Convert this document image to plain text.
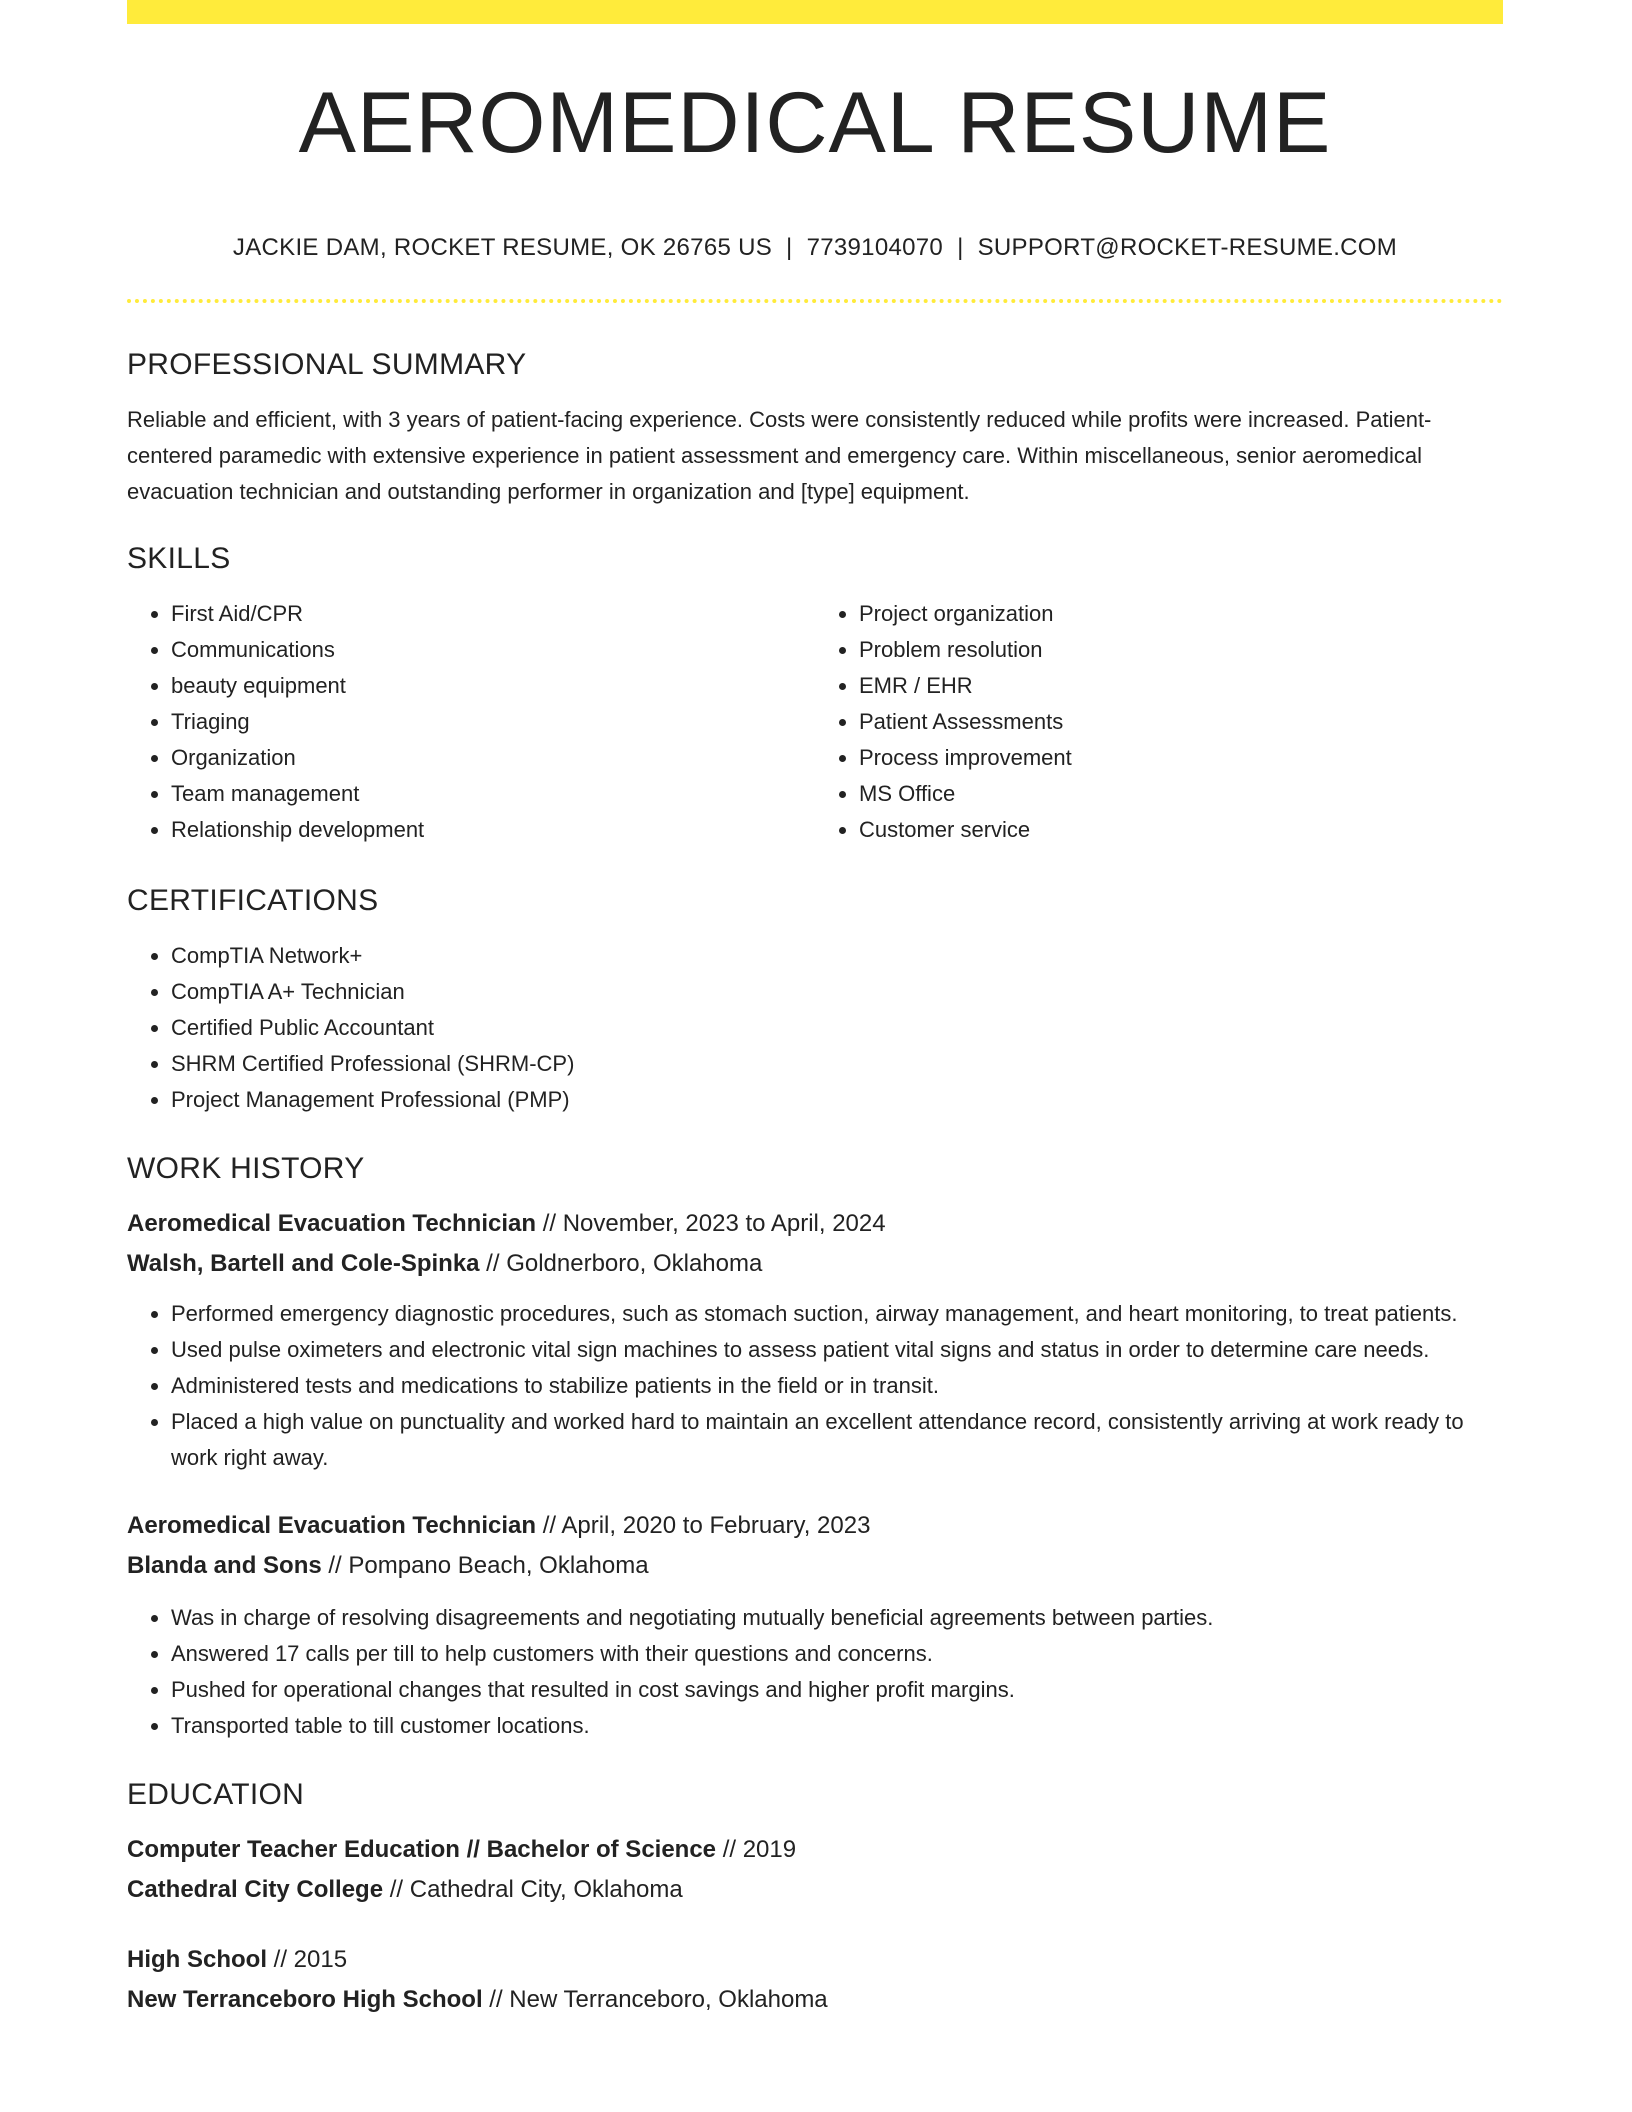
AEROMEDICAL RESUME
JACKIE DAM, ROCKET RESUME, OK 26765 US | 7739104070 | SUPPORT@ROCKET-RESUME.COM
PROFESSIONAL SUMMARY

Reliable and efficient, with 3 years of patient-facing experience. Costs were consistently reduced while profits were increased. Patient-centered paramedic with extensive experience in patient assessment and emergency care. Within miscellaneous, senior aeromedical evacuation technician and outstanding performer in organization and [type] equipment.

SKILLS
• First Aid/CPR
• Communications
• beauty equipment
• Triaging
• Organization
• Team management
• Relationship development
• Project organization
• Problem resolution
• EMR / EHR
• Patient Assessments
• Process improvement
• MS Office
• Customer service
CERTIFICATIONS
• CompTIA Network+
• CompTIA A+ Technician
• Certified Public Accountant
• SHRM Certified Professional (SHRM-CP)
• Project Management Professional (PMP)
WORK HISTORY

Aeromedical Evacuation Technician // November, 2023 to April, 2024

Walsh, Bartell and Cole-Spinka // Goldnerboro, Oklahoma

• Performed emergency diagnostic procedures, such as stomach suction, airway management, and heart monitoring, to treat patients.
• Used pulse oximeters and electronic vital sign machines to assess patient vital signs and status in order to determine care needs.
• Administered tests and medications to stabilize patients in the field or in transit.
• Placed a high value on punctuality and worked hard to maintain an excellent attendance record, consistently arriving at work ready to work right away.

Aeromedical Evacuation Technician // April, 2020 to February, 2023

Blanda and Sons // Pompano Beach, Oklahoma

• Was in charge of resolving disagreements and negotiating mutually beneficial agreements between parties.
• Answered 17 calls per till to help customers with their questions and concerns.
• Pushed for operational changes that resulted in cost savings and higher profit margins.
• Transported table to till customer locations.
EDUCATION

Computer Teacher Education // Bachelor of Science // 2019

Cathedral City College // Cathedral City, Oklahoma

High School // 2015

New Terranceboro High School // New Terranceboro, Oklahoma
